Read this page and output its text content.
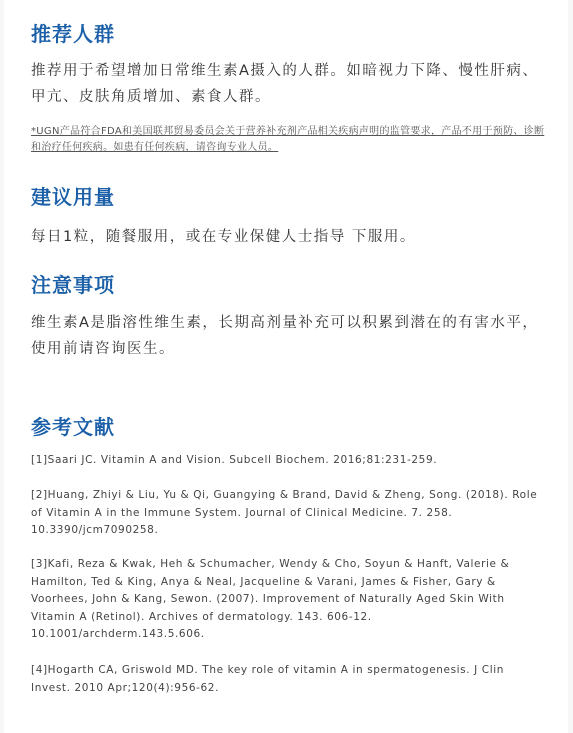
推荐人群

推荐用于希望增加日常维生素A摄入的人群。如暗视力下降、慢性肝病、甲亢、皮肤角质增加、素食人群。

*UGN产品符合FDA和美国联邦贸易委员会关于营养补充剂产品相关疾病声明的监管要求，产品不用于预防、诊断和治疗任何疾病。如患有任何疾病，请咨询专业人员。

建议用量

每日1粒，随餐服用，或在专业保健人士指导 下服用。

注意事项

维生素A是脂溶性维生素，长期高剂量补充可以积累到潜在的有害水平，使用前请咨询医生。

参考文献

[1]Saari JC. Vitamin A and Vision. Subcell Biochem. 2016;81:231-259.

[2]Huang, Zhiyi & Liu, Yu & Qi, Guangying & Brand, David & Zheng, Song. (2018). Role of Vitamin A in the Immune System. Journal of Clinical Medicine. 7. 258. 10.3390/jcm7090258.

[3]Kafi, Reza & Kwak, Heh & Schumacher, Wendy & Cho, Soyun & Hanft, Valerie & Hamilton, Ted & King, Anya & Neal, Jacqueline & Varani, James & Fisher, Gary & Voorhees, John & Kang, Sewon. (2007). Improvement of Naturally Aged Skin With Vitamin A (Retinol). Archives of dermatology. 143. 606-12. 10.1001/archderm.143.5.606.

[4]Hogarth CA, Griswold MD. The key role of vitamin A in spermatogenesis. J Clin Invest. 2010 Apr;120(4):956-62.
